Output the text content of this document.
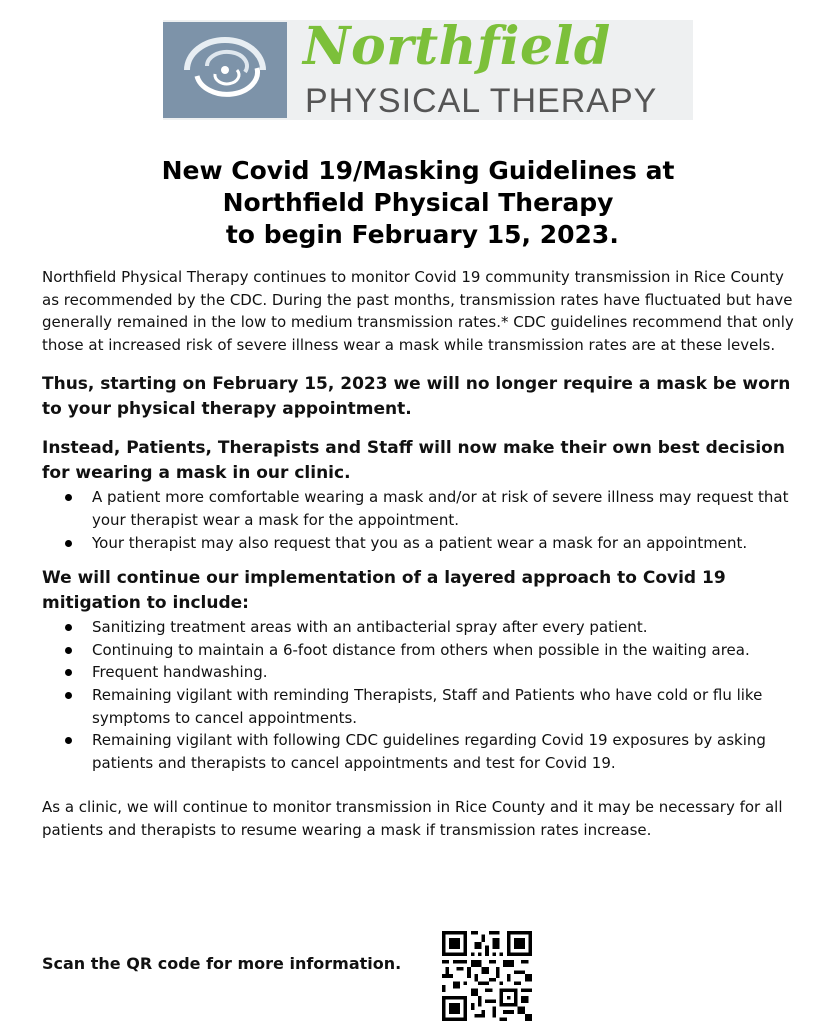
Northfield
PHYSICAL THERAPY
New Covid 19/Masking Guidelines at
Northfield Physical Therapy
to begin February 15, 2023.

Northfield Physical Therapy continues to monitor Covid 19 community transmission in Rice County as recommended by the CDC. During the past months, transmission rates have fluctuated but have generally remained in the low to medium transmission rates.* CDC guidelines recommend that only those at increased risk of severe illness wear a mask while transmission rates are at these levels.

Thus, starting on February 15, 2023 we will no longer require a mask be worn to your physical therapy appointment.

Instead, Patients, Therapists and Staff will now make their own best decision for wearing a mask in our clinic.

A patient more comfortable wearing a mask and/or at risk of severe illness may request that your therapist wear a mask for the appointment.
Your therapist may also request that you as a patient wear a mask for an appointment.

We will continue our implementation of a layered approach to Covid 19 mitigation to include:

Sanitizing treatment areas with an antibacterial spray after every patient.
Continuing to maintain a 6-foot distance from others when possible in the waiting area.
Frequent handwashing.
Remaining vigilant with reminding Therapists, Staff and Patients who have cold or flu like symptoms to cancel appointments.
Remaining vigilant with following CDC guidelines regarding Covid 19 exposures by asking patients and therapists to cancel appointments and test for Covid 19.

As a clinic, we will continue to monitor transmission in Rice County and it may be necessary for all patients and therapists to resume wearing a mask if transmission rates increase.

Scan the QR code for more information.
